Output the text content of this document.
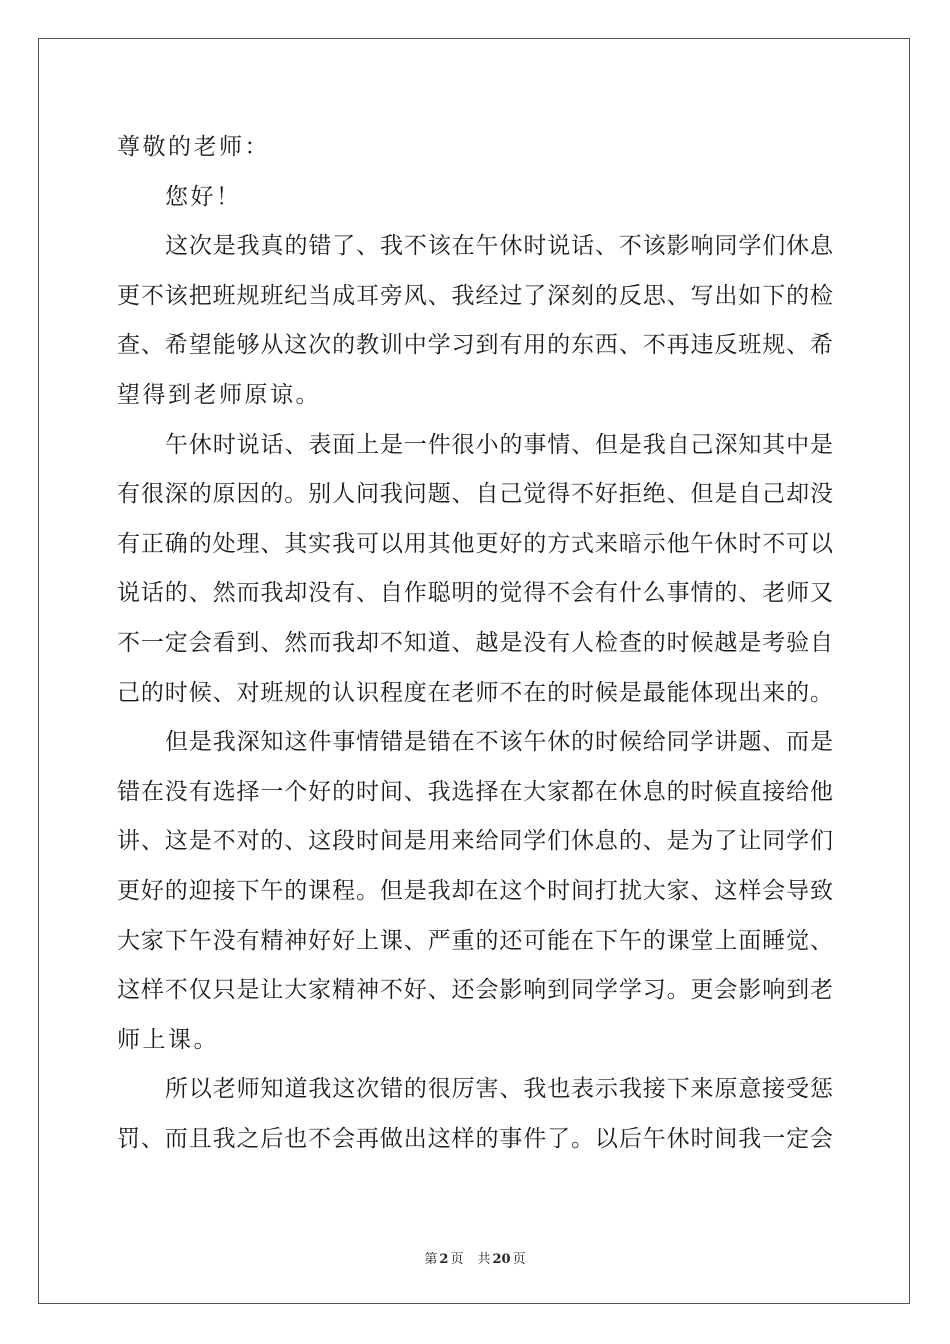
尊敬的老师：
您好！
这次是我真的错了、我不该在午休时说话、不该影响同学们休息
更不该把班规班纪当成耳旁风、我经过了深刻的反思、写出如下的检
查、希望能够从这次的教训中学习到有用的东西、不再违反班规、希
望得到老师原谅。
午休时说话、表面上是一件很小的事情、但是我自己深知其中是
有很深的原因的。别人问我问题、自己觉得不好拒绝、但是自己却没
有正确的处理、其实我可以用其他更好的方式来暗示他午休时不可以
说话的、然而我却没有、自作聪明的觉得不会有什么事情的、老师又
不一定会看到、然而我却不知道、越是没有人检查的时候越是考验自
己的时候、对班规的认识程度在老师不在的时候是最能体现出来的。
但是我深知这件事情错是错在不该午休的时候给同学讲题、而是
错在没有选择一个好的时间、我选择在大家都在休息的时候直接给他
讲、这是不对的、这段时间是用来给同学们休息的、是为了让同学们
更好的迎接下午的课程。但是我却在这个时间打扰大家、这样会导致
大家下午没有精神好好上课、严重的还可能在下午的课堂上面睡觉、
这样不仅只是让大家精神不好、还会影响到同学学习。更会影响到老
师上课。
所以老师知道我这次错的很厉害、我也表示我接下来原意接受惩
罚、而且我之后也不会再做出这样的事件了。以后午休时间我一定会
第 2 页 共 20 页
